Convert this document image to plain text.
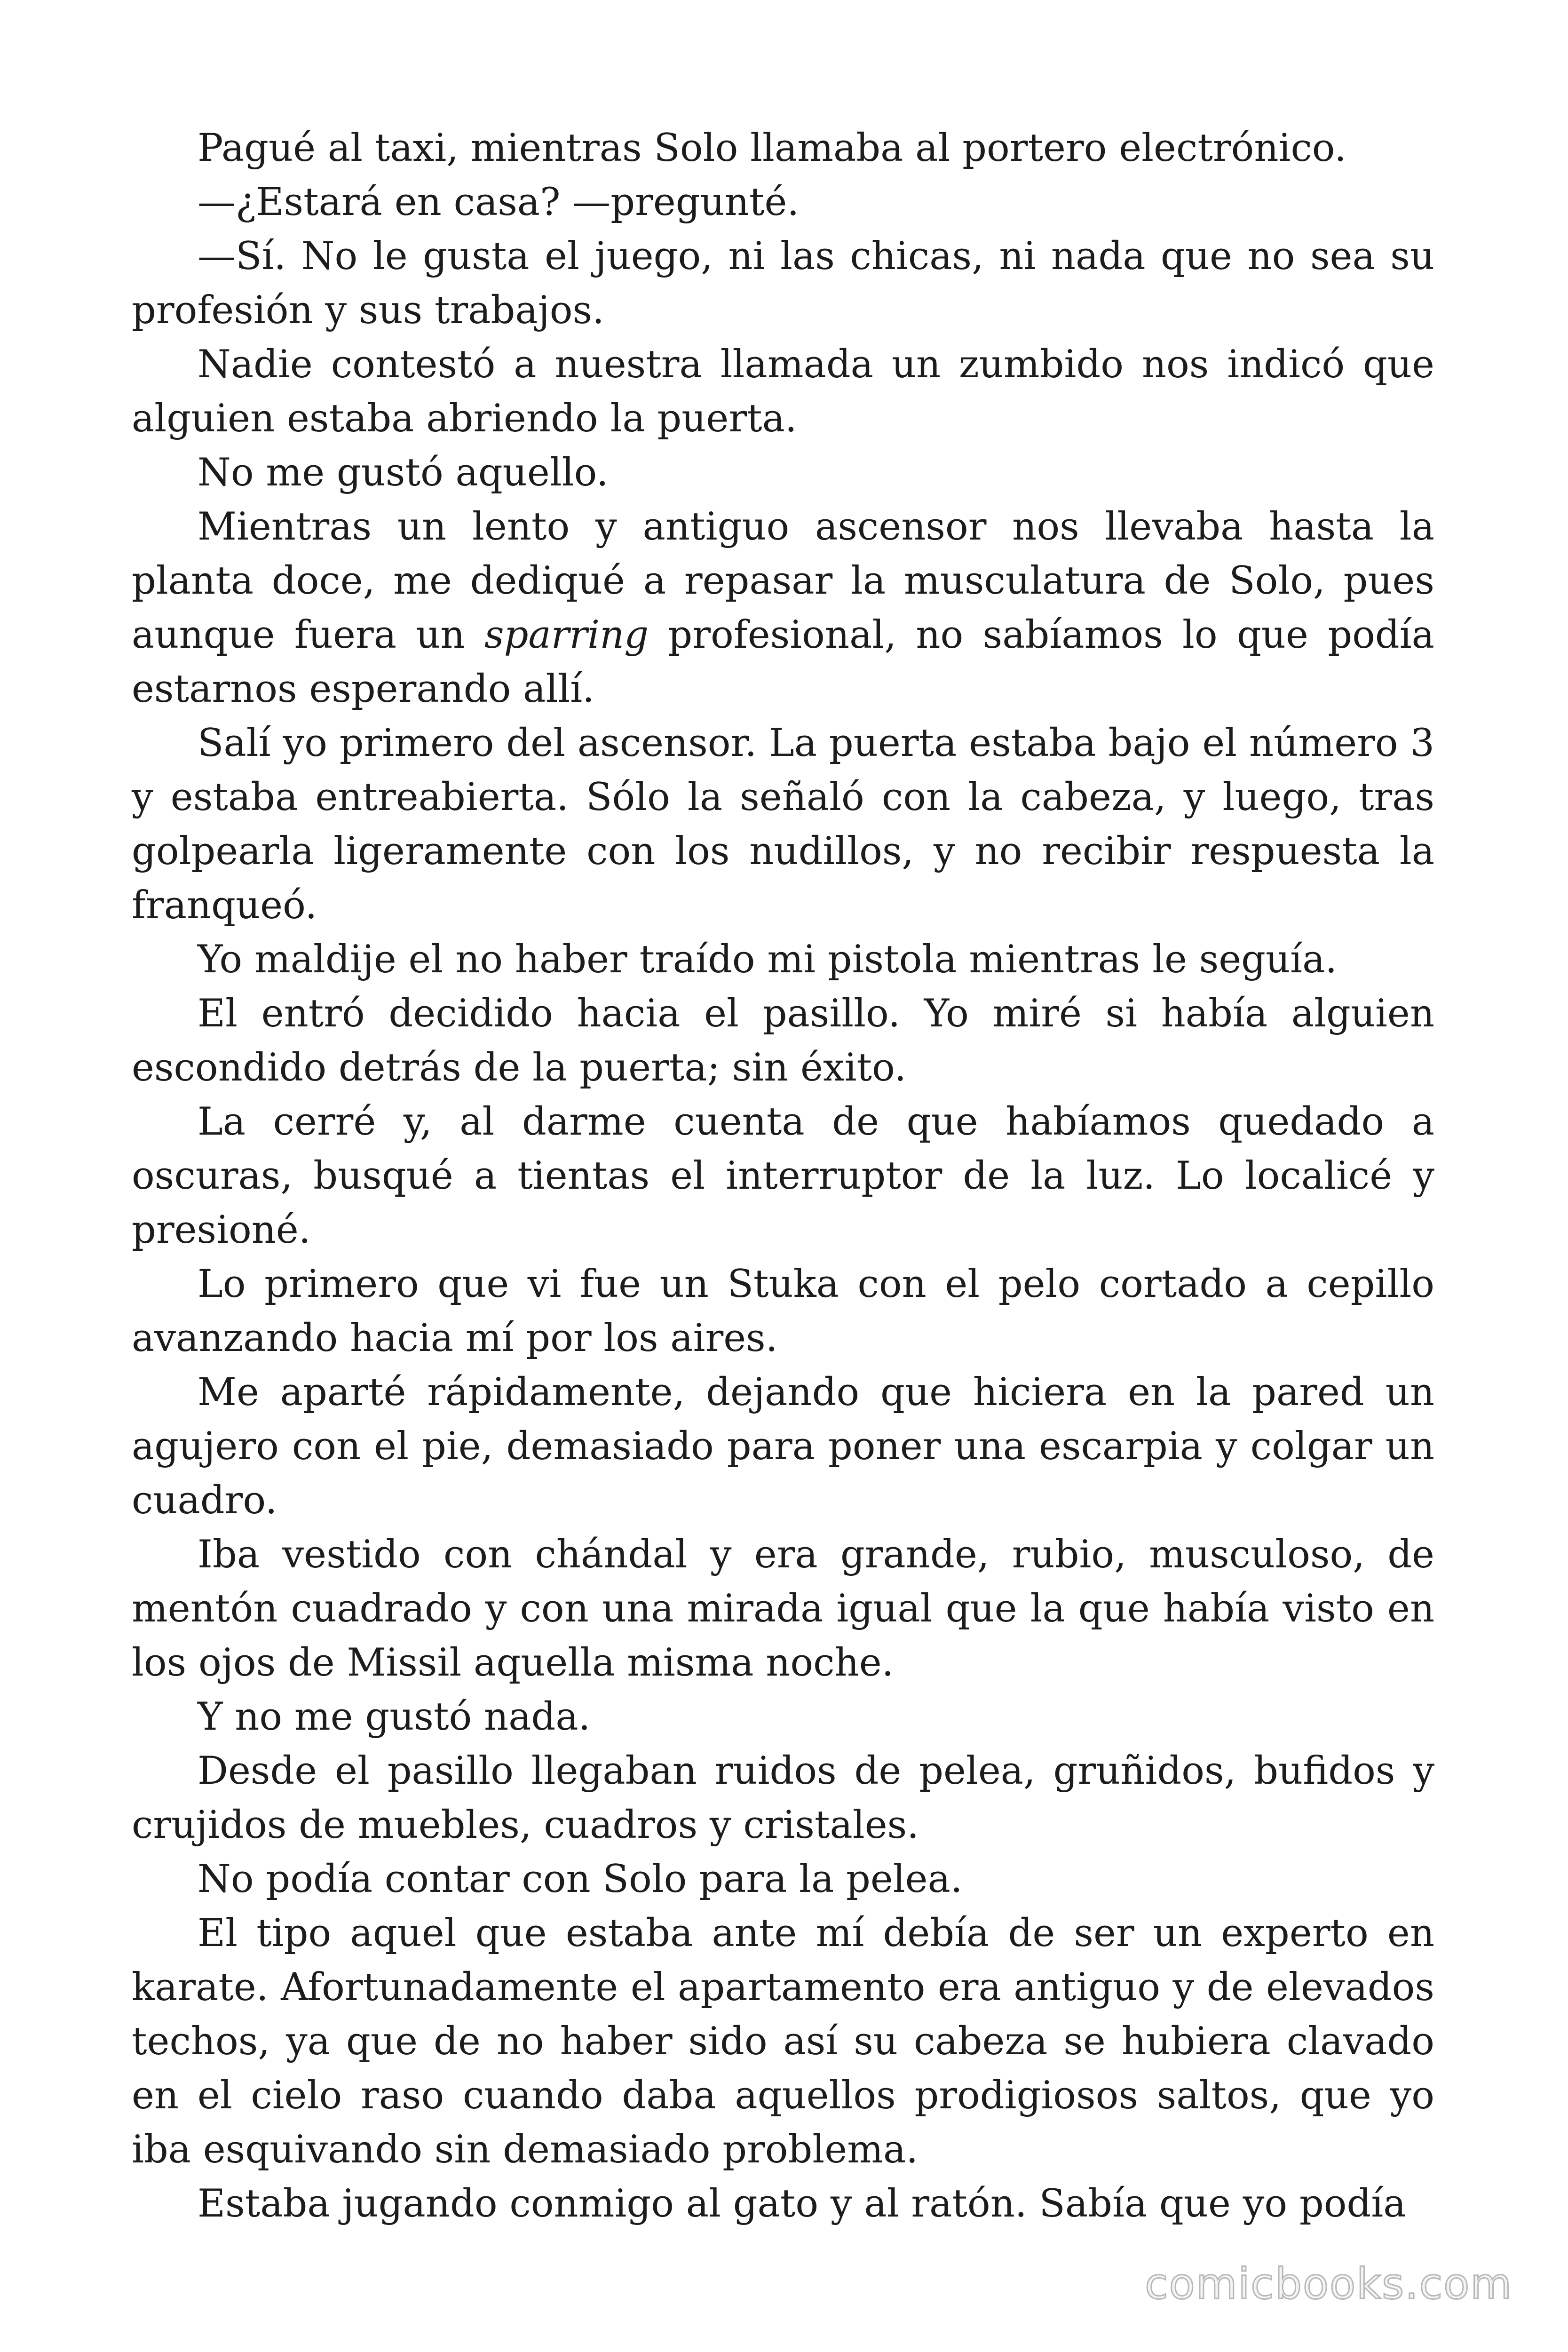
Pagué al taxi, mientras Solo llamaba al portero electrónico.

—¿Estará en casa? —pregunté.

—Sí. No le gusta el juego, ni las chicas, ni nada que no sea su profesión y sus trabajos.

Nadie contestó a nuestra llamada un zumbido nos indicó que alguien estaba abriendo la puerta.

No me gustó aquello.

Mientras un lento y antiguo ascensor nos llevaba hasta la planta doce, me dediqué a repasar la musculatura de Solo, pues aunque fuera un sparring profesional, no sabíamos lo que podía estarnos esperando allí.

Salí yo primero del ascensor. La puerta estaba bajo el número 3 y estaba entreabierta. Sólo la señaló con la cabeza, y luego, tras golpearla ligeramente con los nudillos, y no recibir respuesta la franqueó.

Yo maldije el no haber traído mi pistola mientras le seguía.

El entró decidido hacia el pasillo. Yo miré si había alguien escondido detrás de la puerta; sin éxito.

La cerré y, al darme cuenta de que habíamos quedado a oscuras, busqué a tientas el interruptor de la luz. Lo localicé y presioné.

Lo primero que vi fue un Stuka con el pelo cortado a cepillo avanzando hacia mí por los aires.

Me aparté rápidamente, dejando que hiciera en la pared un agujero con el pie, demasiado para poner una escarpia y colgar un cuadro.

Iba vestido con chándal y era grande, rubio, musculoso, de mentón cuadrado y con una mirada igual que la que había visto en los ojos de Missil aquella misma noche.

Y no me gustó nada.

Desde el pasillo llegaban ruidos de pelea, gruñidos, bufidos y crujidos de muebles, cuadros y cristales.

No podía contar con Solo para la pelea.

El tipo aquel que estaba ante mí debía de ser un experto en karate. Afortunadamente el apartamento era antiguo y de elevados techos, ya que de no haber sido así su cabeza se hubiera clavado en el cielo raso cuando daba aquellos prodigiosos saltos, que yo iba esquivando sin demasiado problema.

Estaba jugando conmigo al gato y al ratón. Sabía que yo podía

comicbooks.com
